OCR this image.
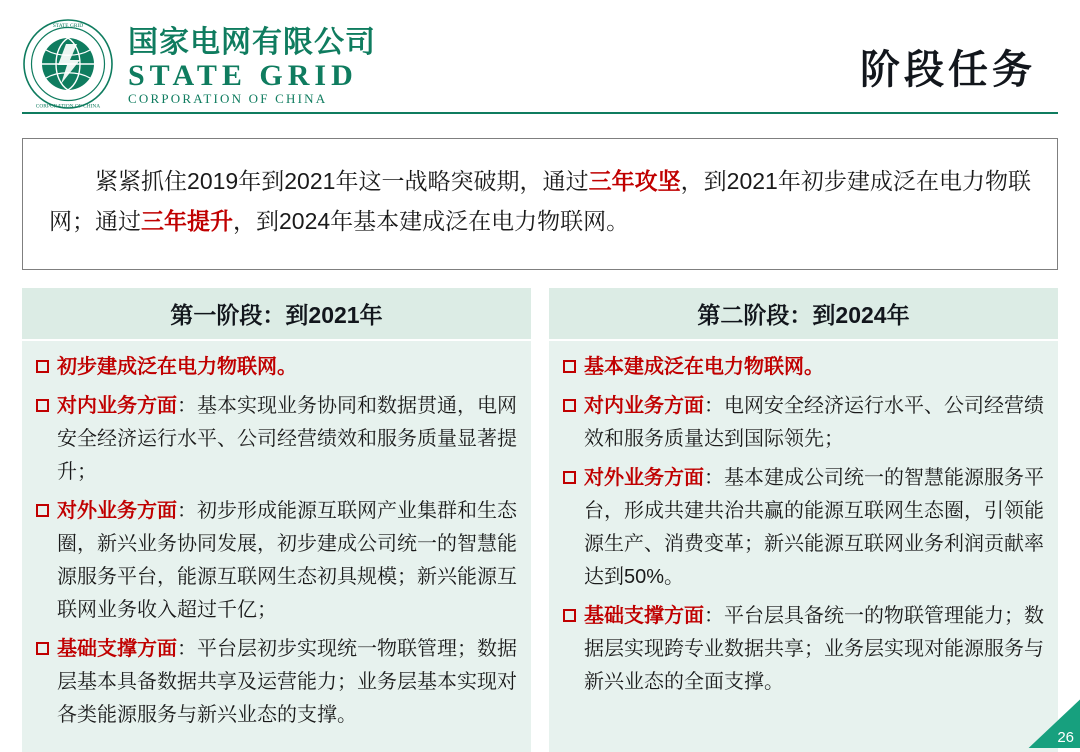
STATE GRID
CORPORATION OF CHINA
国家电网有限公司
STATE GRID
CORPORATION OF CHINA
阶段任务

紧紧抓住2019年到2021年这一战略突破期，通过三年攻坚，到2021年初步建成泛在电力物联网；通过三年提升，到2024年基本建成泛在电力物联网。

第一阶段：到2021年
初步建成泛在电力物联网。
对内业务方面：基本实现业务协同和数据贯通，电网安全经济运行水平、公司经营绩效和服务质量显著提升；
对外业务方面：初步形成能源互联网产业集群和生态圈，新兴业务协同发展，初步建成公司统一的智慧能源服务平台，能源互联网生态初具规模；新兴能源互联网业务收入超过千亿；
基础支撑方面：平台层初步实现统一物联管理；数据层基本具备数据共享及运营能力；业务层基本实现对各类能源服务与新兴业态的支撑。
第二阶段：到2024年
基本建成泛在电力物联网。
对内业务方面：电网安全经济运行水平、公司经营绩效和服务质量达到国际领先；
对外业务方面：基本建成公司统一的智慧能源服务平台，形成共建共治共赢的能源互联网生态圈，引领能源生产、消费变革；新兴能源互联网业务利润贡献率达到50%。
基础支撑方面：平台层具备统一的物联管理能力；数据层实现跨专业数据共享；业务层实现对能源服务与新兴业态的全面支撑。
26
